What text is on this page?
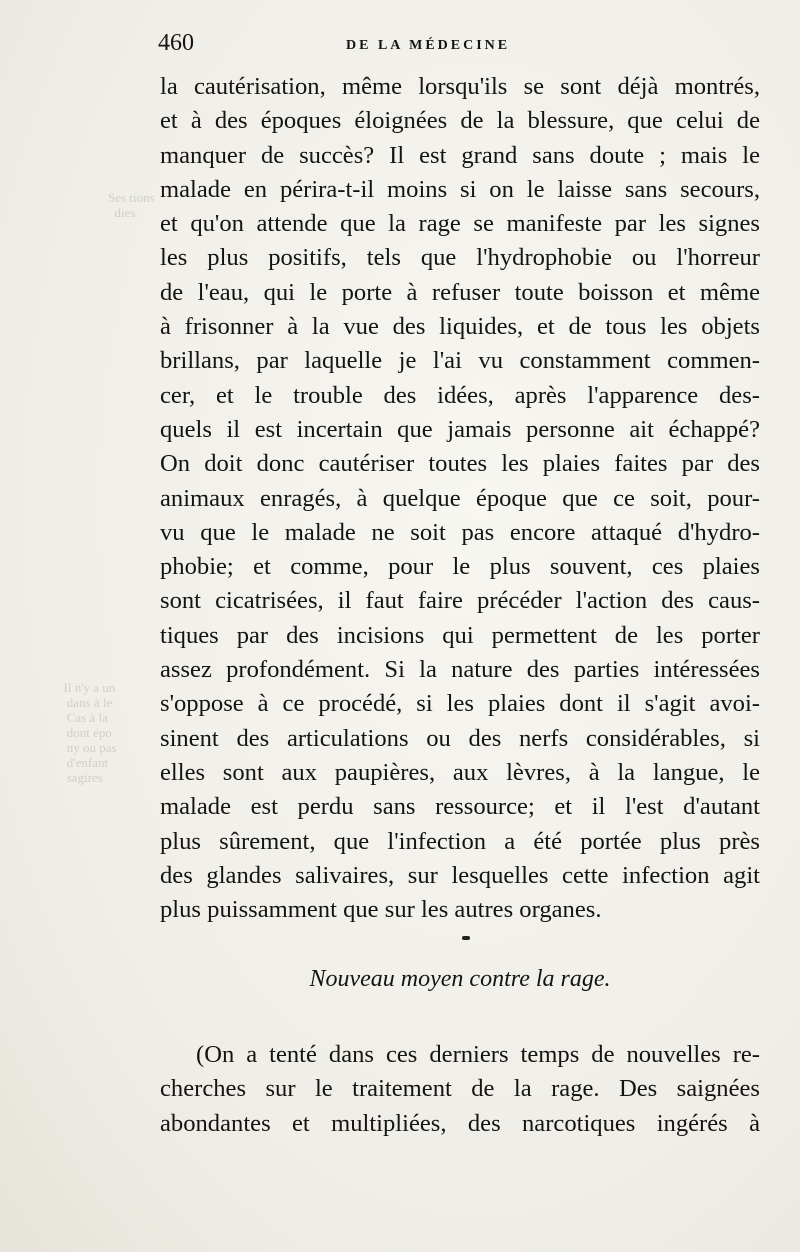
Ses tions
dies
Il n'y a un
dans à le
Cas à la
dont épo
ny ou pas
d'enfant
sagires
460	DE LA MÉDECINE
la cautérisation, même lorsqu'ils se sont déjà montrés,
et à des époques éloignées de la blessure, que celui de
manquer de succès? Il est grand sans doute ; mais le
malade en périra-t-il moins si on le laisse sans secours,
et qu'on attende que la rage se manifeste par les signes
les plus positifs, tels que l'hydrophobie ou l'horreur
de l'eau, qui le porte à refuser toute boisson et même
à frisonner à la vue des liquides, et de tous les objets
brillans, par laquelle je l'ai vu constamment commen-
cer, et le trouble des idées, après l'apparence des-
quels il est incertain que jamais personne ait échappé?
On doit donc cautériser toutes les plaies faites par des
animaux enragés, à quelque époque que ce soit, pour-
vu que le malade ne soit pas encore attaqué d'hydro-
phobie; et comme, pour le plus souvent, ces plaies
sont cicatrisées, il faut faire précéder l'action des caus-
tiques par des incisions qui permettent de les porter
assez profondément. Si la nature des parties intéressées
s'oppose à ce procédé, si les plaies dont il s'agit avoi-
sinent des articulations ou des nerfs considérables, si
elles sont aux paupières, aux lèvres, à la langue, le
malade est perdu sans ressource; et il l'est d'autant
plus sûrement, que l'infection a été portée plus près
des glandes salivaires, sur lesquelles cette infection agit
plus puissamment que sur les autres organes.
Nouveau moyen contre la rage.
(On a tenté dans ces derniers temps de nouvelles re-
cherches sur le traitement de la rage. Des saignées
abondantes et multipliées, des narcotiques ingérés à
